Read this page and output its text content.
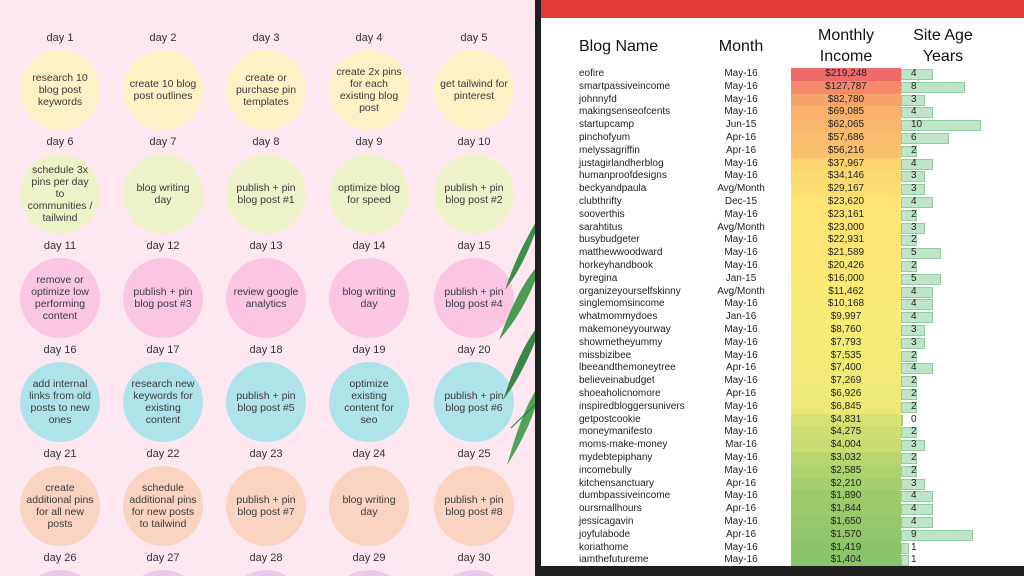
day 1
research 10 blog post keywords
day 2
create 10 blog post outlines
day 3
create or purchase pin templates
day 4
create 2x pins for each existing blog post
day 5
get tailwind for pinterest
day 6
schedule 3x pins per day to communities / tailwind
day 7
blog writing day
day 8
publish + pin blog post #1
day 9
optimize blog for speed
day 10
publish + pin blog post #2
day 11
remove or optimize low performing content
day 12
publish + pin blog post #3
day 13
review google analytics
day 14
blog writing day
day 15
publish + pin blog post #4
day 16
add internal links from old posts to new ones
day 17
research new keywords for existing content
day 18
publish + pin blog post #5
day 19
optimize existing content for seo
day 20
publish + pin blog post #6
day 21
create additional pins for all new posts
day 22
schedule additional pins for new posts to tailwind
day 23
publish + pin blog post #7
day 24
blog writing day
day 25
publish + pin blog post #8
day 26	day 27	day 28	day 29	day 30
Blog Name	Month
Monthly
Income
Site Age
Years
eofire	May-16	$219,248	4
smartpassiveincome	May-16	$127,787	8
johnnyfd	May-16	$82,780	3
makingsenseofcents	May-16	$69,085	4
startupcamp	Jun-15	$62,065	10
pinchofyum	Apr-16	$57,686	6
melyssagriffin	Apr-16	$56,216	2
justagirlandherblog	May-16	$37,967	4
humanproofdesigns	May-16	$34,146	3
beckyandpaula	Avg/Month	$29,167	3
clubthrifty	Dec-15	$23,620	4
sooverthis	May-16	$23,161	2
sarahtitus	Avg/Month	$23,000	3
busybudgeter	May-16	$22,931	2
matthewwoodward	May-16	$21,589	5
horkeyhandbook	May-16	$20,426	2
byregina	Jan-15	$16,000	5
organizeyourselfskinny	Avg/Month	$11,462	4
singlemomsincome	May-16	$10,168	4
whatmommydoes	Jan-16	$9,997	4
makemoneyyourway	May-16	$8,760	3
showmetheyummy	May-16	$7,793	3
missbizibee	May-16	$7,535	2
lbeeandthemoneytree	Apr-16	$7,400	4
believeinabudget	May-16	$7,269	2
shoeaholicnomore	Apr-16	$6,926	2
inspiredbloggersunivers	May-16	$6,845	2
getpostcookie	May-16	$4,831	0
moneymanifesto	May-16	$4,275	2
moms-make-money	Mar-16	$4,004	3
mydebtepiphany	May-16	$3,032	2
incomebully	May-16	$2,585	2
kitchensanctuary	Apr-16	$2,210	3
dumbpassiveincome	May-16	$1,890	4
oursmallhours	Apr-16	$1,844	4
jessicagavin	May-16	$1,650	4
joyfulabode	Apr-16	$1,570	9
koriathome	May-16	$1,419	1
iamthefutureme	May-16	$1,404	1
